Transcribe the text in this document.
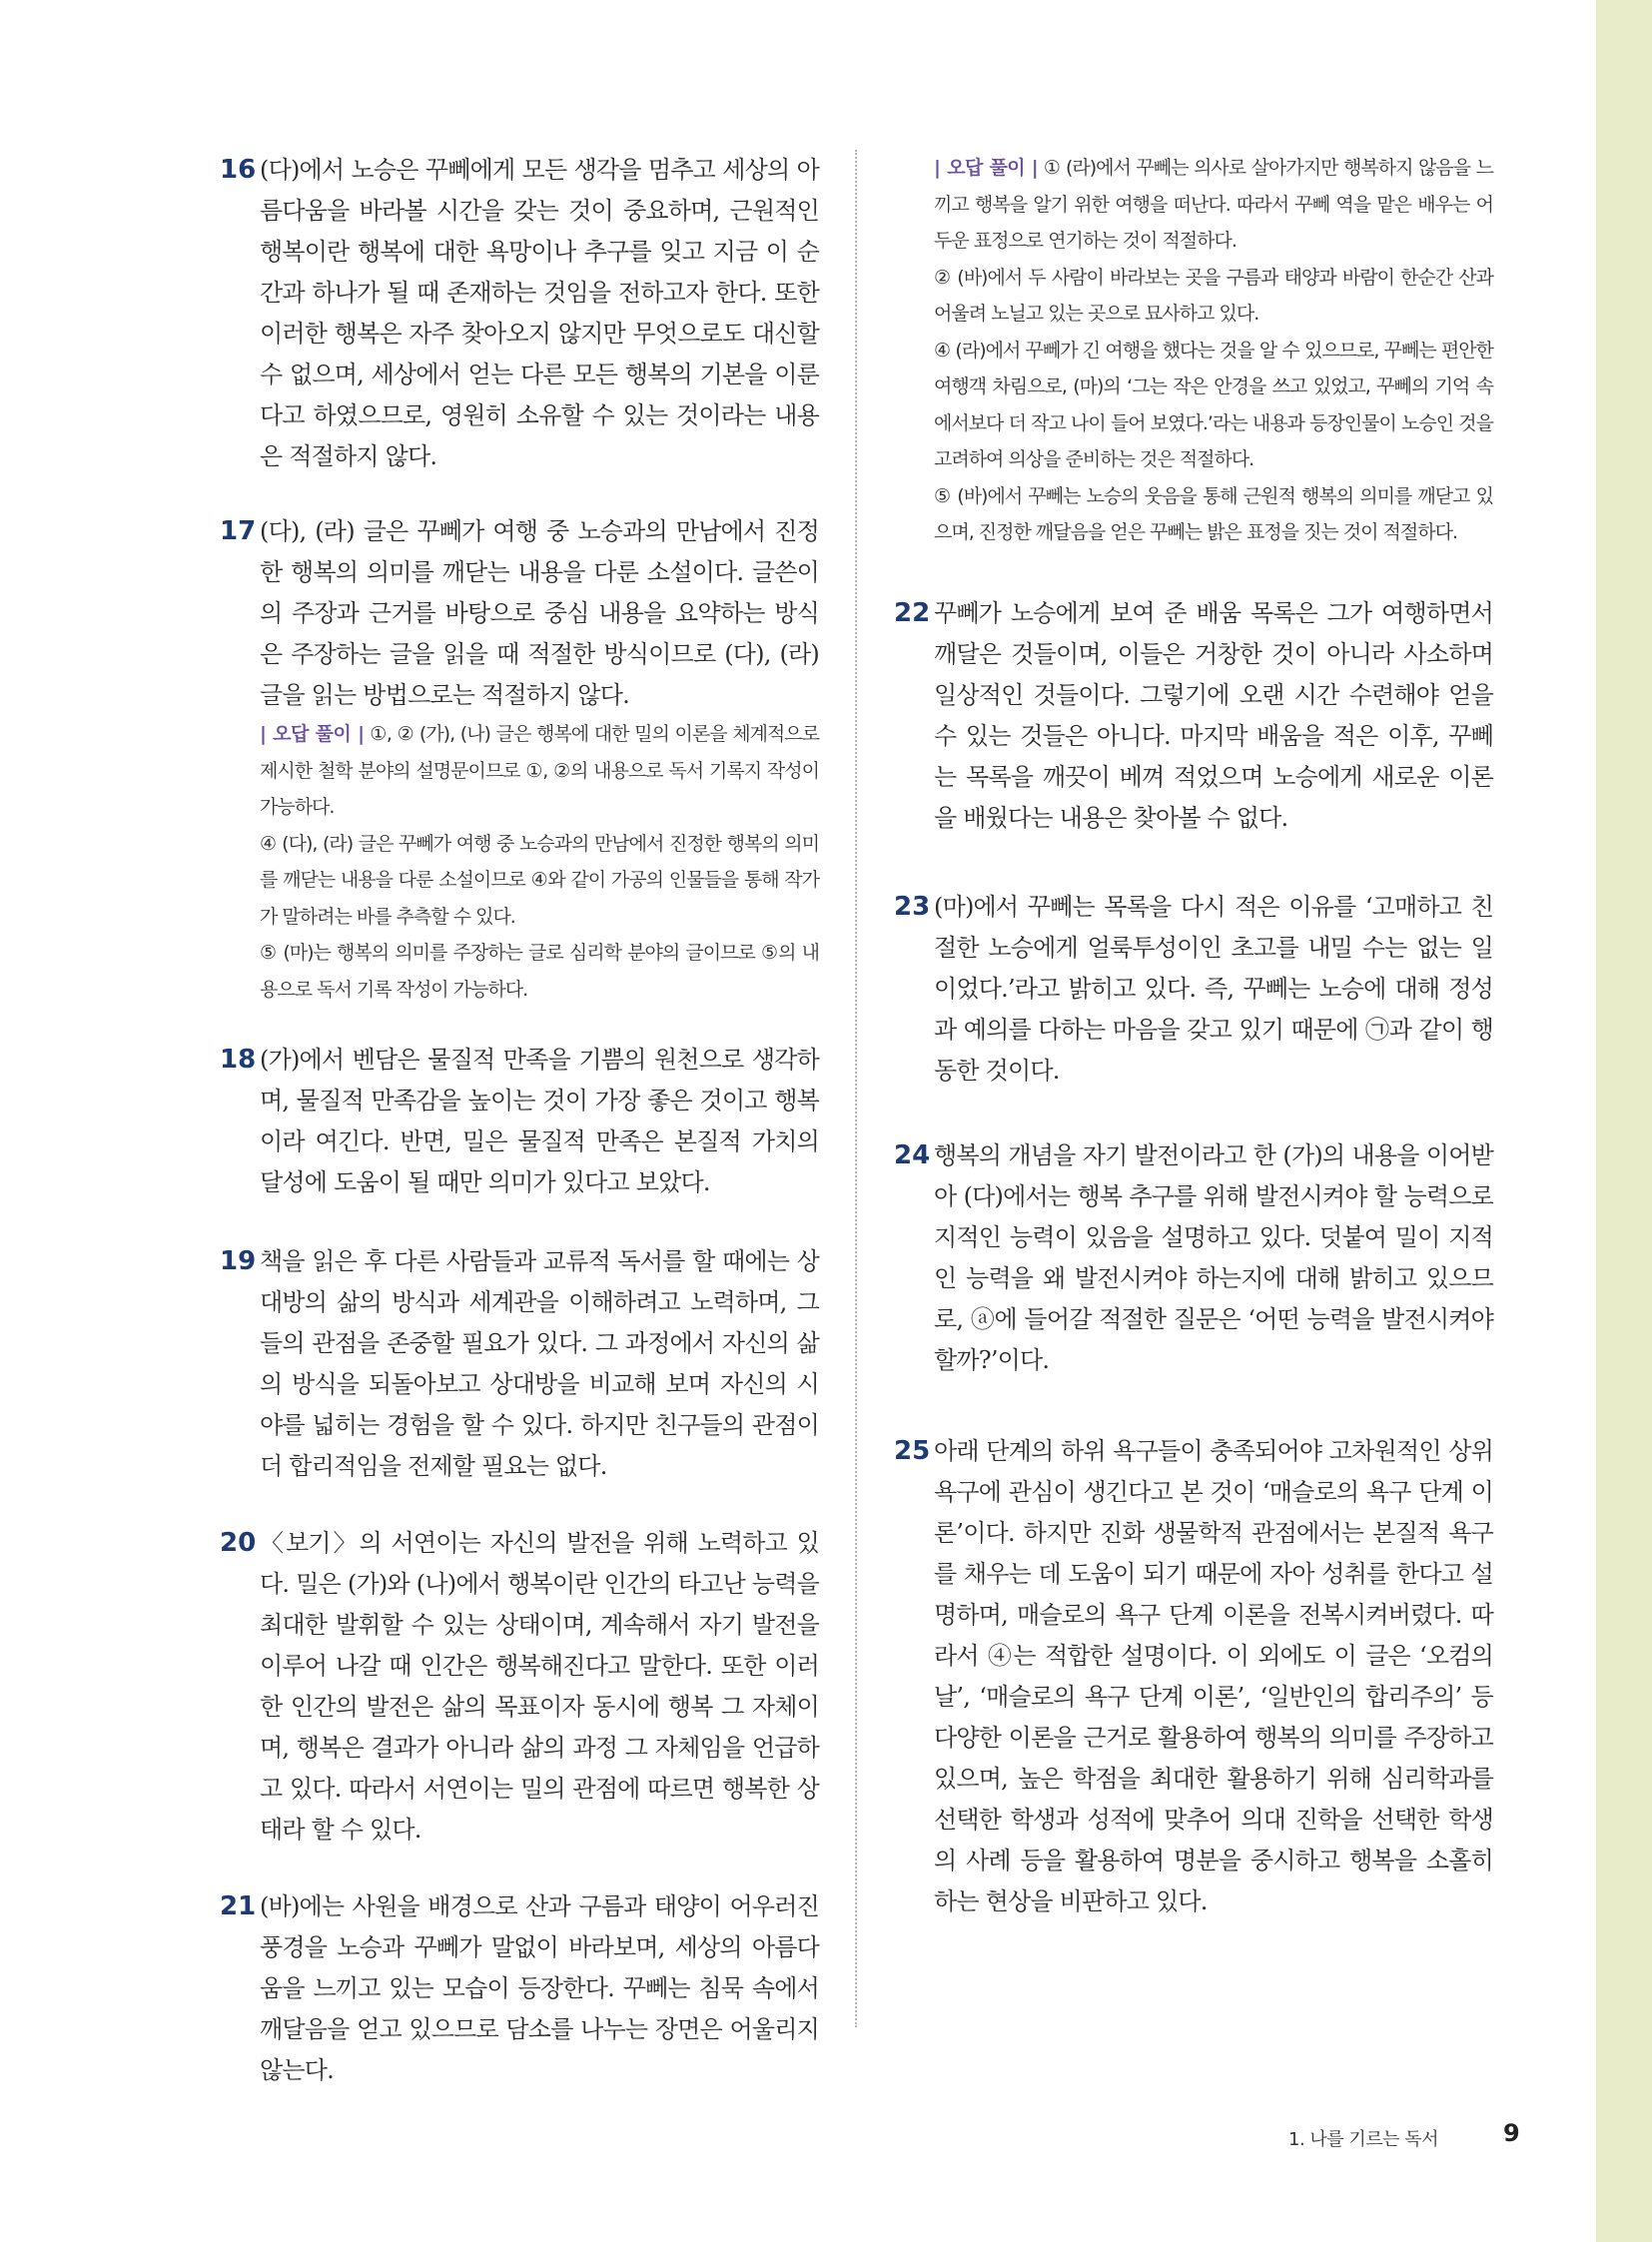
16 (다)에서 노승은 꾸뻬에게 모든 생각을 멈추고 세상의 아름다움을 바라볼 시간을 갖는 것이 중요하며, 근원적인 행복이란 행복에 대한 욕망이나 추구를 잊고 지금 이 순간과 하나가 될 때 존재하는 것임을 전하고자 한다. 또한 이러한 행복은 자주 찾아오지 않지만 무엇으로도 대신할 수 없으며, 세상에서 얻는 다른 모든 행복의 기본을 이룬다고 하였으므로, 영원히 소유할 수 있는 것이라는 내용은 적절하지 않다.
17 (다), (라) 글은 꾸뻬가 여행 중 노승과의 만남에서 진정한 행복의 의미를 깨닫는 내용을 다룬 소설이다. 글쓴이의 주장과 근거를 바탕으로 중심 내용을 요약하는 방식은 주장하는 글을 읽을 때 적절한 방식이므로 (다), (라) 글을 읽는 방법으로는 적절하지 않다.
| 오답 풀이 | ①, ② (가), (나) 글은 행복에 대한 밀의 이론을 체계적으로 제시한 철학 분야의 설명문이므로 ①, ②의 내용으로 독서 기록지 작성이 가능하다.
④ (다), (라) 글은 꾸뻬가 여행 중 노승과의 만남에서 진정한 행복의 의미를 깨닫는 내용을 다룬 소설이므로 ④와 같이 가공의 인물들을 통해 작가가 말하려는 바를 추측할 수 있다.
⑤ (마)는 행복의 의미를 주장하는 글로 심리학 분야의 글이므로 ⑤의 내용으로 독서 기록 작성이 가능하다.
18 (가)에서 벤담은 물질적 만족을 기쁨의 원천으로 생각하며, 물질적 만족감을 높이는 것이 가장 좋은 것이고 행복이라 여긴다. 반면, 밀은 물질적 만족은 본질적 가치의 달성에 도움이 될 때만 의미가 있다고 보았다.
19 책을 읽은 후 다른 사람들과 교류적 독서를 할 때에는 상대방의 삶의 방식과 세계관을 이해하려고 노력하며, 그들의 관점을 존중할 필요가 있다. 그 과정에서 자신의 삶의 방식을 되돌아보고 상대방을 비교해 보며 자신의 시야를 넓히는 경험을 할 수 있다. 하지만 친구들의 관점이 더 합리적임을 전제할 필요는 없다.
20 〈보기〉의 서연이는 자신의 발전을 위해 노력하고 있다. 밀은 (가)와 (나)에서 행복이란 인간의 타고난 능력을 최대한 발휘할 수 있는 상태이며, 계속해서 자기 발전을 이루어 나갈 때 인간은 행복해진다고 말한다. 또한 이러한 인간의 발전은 삶의 목표이자 동시에 행복 그 자체이며, 행복은 결과가 아니라 삶의 과정 그 자체임을 언급하고 있다. 따라서 서연이는 밀의 관점에 따르면 행복한 상태라 할 수 있다.
21 (바)에는 사원을 배경으로 산과 구름과 태양이 어우러진 풍경을 노승과 꾸뻬가 말없이 바라보며, 세상의 아름다움을 느끼고 있는 모습이 등장한다. 꾸뻬는 침묵 속에서 깨달음을 얻고 있으므로 담소를 나누는 장면은 어울리지 않는다.
| 오답 풀이 | ① (라)에서 꾸뻬는 의사로 살아가지만 행복하지 않음을 느끼고 행복을 알기 위한 여행을 떠난다. 따라서 꾸뻬 역을 맡은 배우는 어두운 표정으로 연기하는 것이 적절하다.
② (바)에서 두 사람이 바라보는 곳을 구름과 태양과 바람이 한순간 산과 어울려 노닐고 있는 곳으로 묘사하고 있다.
④ (라)에서 꾸뻬가 긴 여행을 했다는 것을 알 수 있으므로, 꾸뻬는 편안한 여행객 차림으로, (마)의 ‘그는 작은 안경을 쓰고 있었고, 꾸뻬의 기억 속에서보다 더 작고 나이 들어 보였다.’라는 내용과 등장인물이 노승인 것을 고려하여 의상을 준비하는 것은 적절하다.
⑤ (바)에서 꾸뻬는 노승의 웃음을 통해 근원적 행복의 의미를 깨닫고 있으며, 진정한 깨달음을 얻은 꾸뻬는 밝은 표정을 짓는 것이 적절하다.
22 꾸뻬가 노승에게 보여 준 배움 목록은 그가 여행하면서 깨달은 것들이며, 이들은 거창한 것이 아니라 사소하며 일상적인 것들이다. 그렇기에 오랜 시간 수련해야 얻을 수 있는 것들은 아니다. 마지막 배움을 적은 이후, 꾸뻬는 목록을 깨끗이 베껴 적었으며 노승에게 새로운 이론을 배웠다는 내용은 찾아볼 수 없다.
23 (마)에서 꾸뻬는 목록을 다시 적은 이유를 ‘고매하고 친절한 노승에게 얼룩투성이인 초고를 내밀 수는 없는 일이었다.’라고 밝히고 있다. 즉, 꾸뻬는 노승에 대해 정성과 예의를 다하는 마음을 갖고 있기 때문에 ㉠과 같이 행동한 것이다.
24 행복의 개념을 자기 발전이라고 한 (가)의 내용을 이어받아 (다)에서는 행복 추구를 위해 발전시켜야 할 능력으로 지적인 능력이 있음을 설명하고 있다. 덧붙여 밀이 지적인 능력을 왜 발전시켜야 하는지에 대해 밝히고 있으므로, ⓐ에 들어갈 적절한 질문은 ‘어떤 능력을 발전시켜야 할까?’이다.
25 아래 단계의 하위 욕구들이 충족되어야 고차원적인 상위 욕구에 관심이 생긴다고 본 것이 ‘매슬로의 욕구 단계 이론’이다. 하지만 진화 생물학적 관점에서는 본질적 욕구를 채우는 데 도움이 되기 때문에 자아 성취를 한다고 설명하며, 매슬로의 욕구 단계 이론을 전복시켜버렸다. 따라서 ④는 적합한 설명이다. 이 외에도 이 글은 ‘오컴의 날’, ‘매슬로의 욕구 단계 이론’, ‘일반인의 합리주의’ 등 다양한 이론을 근거로 활용하여 행복의 의미를 주장하고 있으며, 높은 학점을 최대한 활용하기 위해 심리학과를 선택한 학생과 성적에 맞추어 의대 진학을 선택한 학생의 사례 등을 활용하여 명분을 중시하고 행복을 소홀히 하는 현상을 비판하고 있다.
1. 나를 기르는 독서	9
